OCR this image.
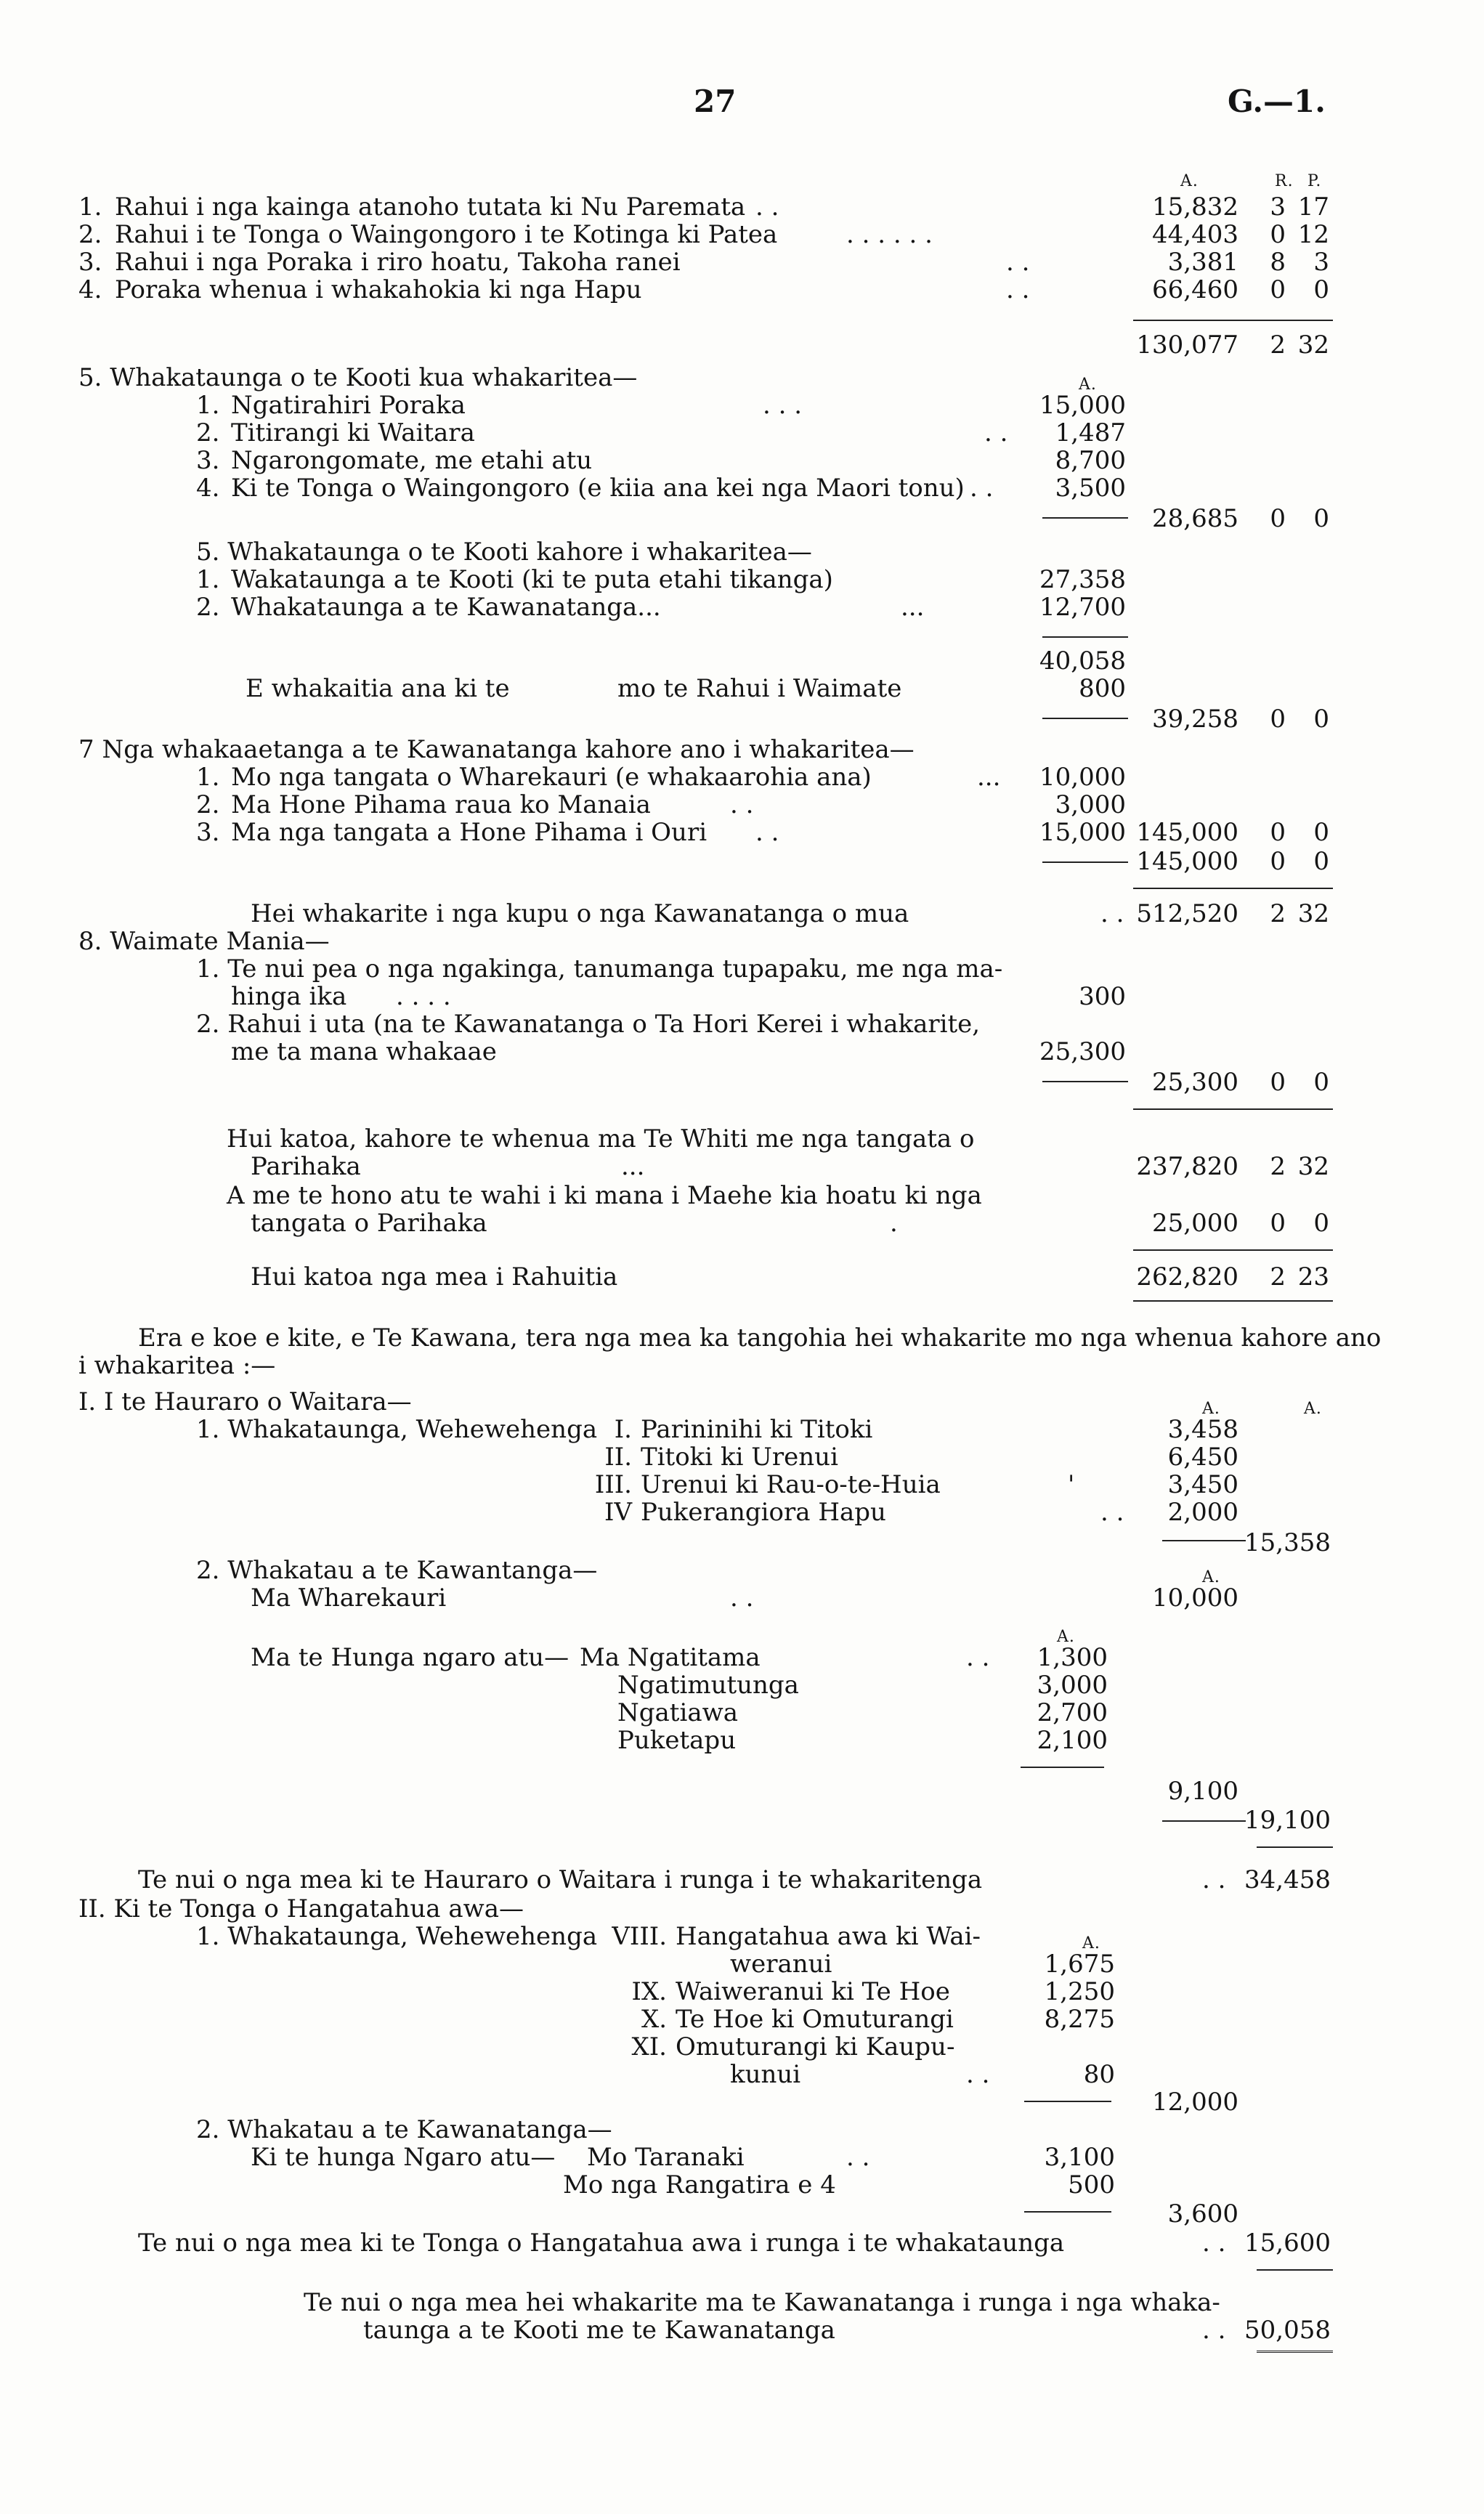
27	G.—1.
A.	R. P.
1. Rahui i nga kainga atanoho tutata ki Nu Paremata . .	15,832 3 17
2. Rahui i te Tonga o Waingongoro i te Kotinga ki Patea	. . . . . .	44,403 0 12
3. Rahui i nga Poraka i riro hoatu, Takoha ranei	. .	3,381 8	3
4. Poraka whenua i whakahokia ki nga Hapu	. .	66,460 0	0
130,077 2 32
5. Whakataunga o te Kooti kua whakaritea—	A.
1. Ngatirahiri Poraka	. . .	15,000
2. Titirangi ki Waitara	. .	1,487
3. Ngarongomate, me etahi atu	8,700
4. Ki te Tonga o Waingongoro (e kiia ana kei nga Maori tonu) . .	3,500
28,685 0	0
5. Whakataunga o te Kooti kahore i whakaritea—
1. Wakataunga a te Kooti (ki te puta etahi tikanga)	27,358
2. Whakataunga a te Kawanatanga...	...	12,700
40,058
E whakaitia ana ki te	mo te Rahui i Waimate	800
39,258 0	0
7 Nga whakaaetanga a te Kawanatanga kahore ano i whakaritea—
1. Mo nga tangata o Wharekauri (e whakaarohia ana)	...	10,000
2. Ma Hone Pihama raua ko Manaia	. .	3,000
3. Ma nga tangata a Hone Pihama i Ouri . .	15,000 145,000 0	0
145,000 0	0
Hei whakarite i nga kupu o nga Kawanatanga o mua	. . 512,520 2 32
8. Waimate Mania—
1. Te nui pea o nga ngakinga, tanumanga tupapaku, me nga ma-
hinga ika . . . .	300
2. Rahui i uta (na te Kawanatanga o Ta Hori Kerei i whakarite,
me ta mana whakaae	25,300
25,300 0	0
Hui katoa, kahore te whenua ma Te Whiti me nga tangata o
Parihaka	...	237,820 2 32
A me te hono atu te wahi i ki mana i Maehe kia hoatu ki nga
tangata o Parihaka	.	25,000 0	0
Hui katoa nga mea i Rahuitia	262,820 2 23
Era e koe e kite, e Te Kawana, tera nga mea ka tangohia hei whakarite mo nga whenua kahore ano
i whakaritea :—
I. I te Hauraro o Waitara—	A.	A.
1. Whakataunga, Wehewehenga I. Parininihi ki Titoki	3,458
II. Titoki ki Urenui	6,450
III. Urenui ki Rau-o-te-Huia	'	3,450
IV Pukerangiora Hapu	. .	2,000
15,358
2. Whakatau a te Kawantanga—	A.
Ma Wharekauri	. .	10,000
A.
Ma te Hunga ngaro atu— Ma Ngatitama	. .	1,300
Ngatimutunga	3,000
Ngatiawa	2,700
Puketapu	2,100
9,100
19,100
Te nui o nga mea ki te Hauraro o Waitara i runga i te whakaritenga	. . 34,458
II. Ki te Tonga o Hangatahua awa—
1. Whakataunga, Wehewehenga	A.
VIII. Hangatahua awa ki Wai-
weranui	1,675
IX. Waiweranui ki Te Hoe	1,250
X. Te Hoe ki Omuturangi	8,275
XI. Omuturangi ki Kaupu-
kunui	. .	80
12,000
2. Whakatau a te Kawanatanga—
Ki te hunga Ngaro atu— Mo Taranaki	. .	3,100
Mo nga Rangatira e 4	500
3,600
Te nui o nga mea ki te Tonga o Hangatahua awa i runga i te whakataunga	. . 15,600
Te nui o nga mea hei whakarite ma te Kawanatanga i runga i nga whaka-
taunga a te Kooti me te Kawanatanga	. . 50,058
